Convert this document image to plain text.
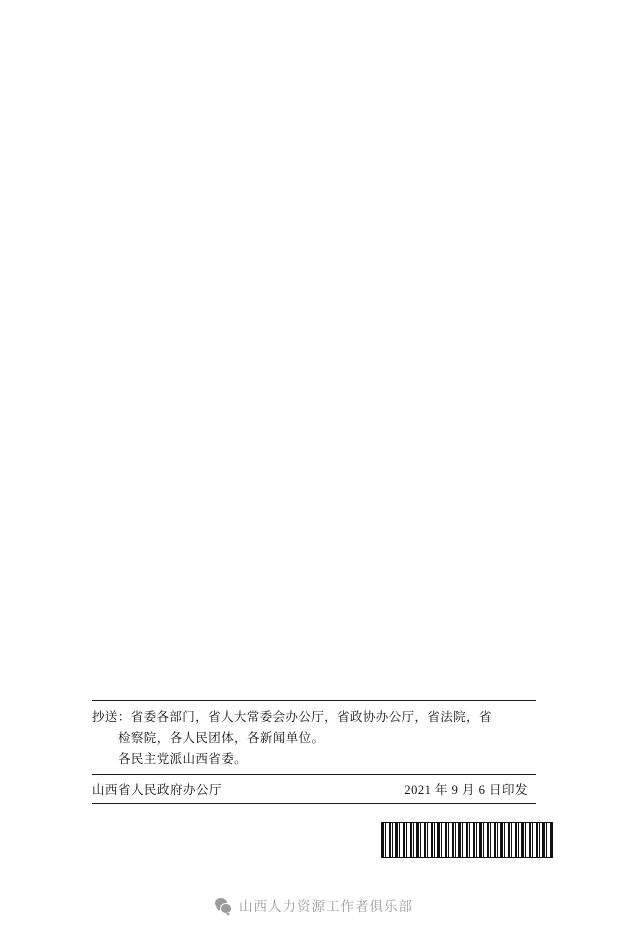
抄送：省委各部门，省人大常委会办公厅，省政协办公厅，省法院，省
检察院，各人民团体，各新闻单位。
各民主党派山西省委。
山西省人民政府办公厅	2021 年 9 月 6 日印发
山西人力资源工作者俱乐部
